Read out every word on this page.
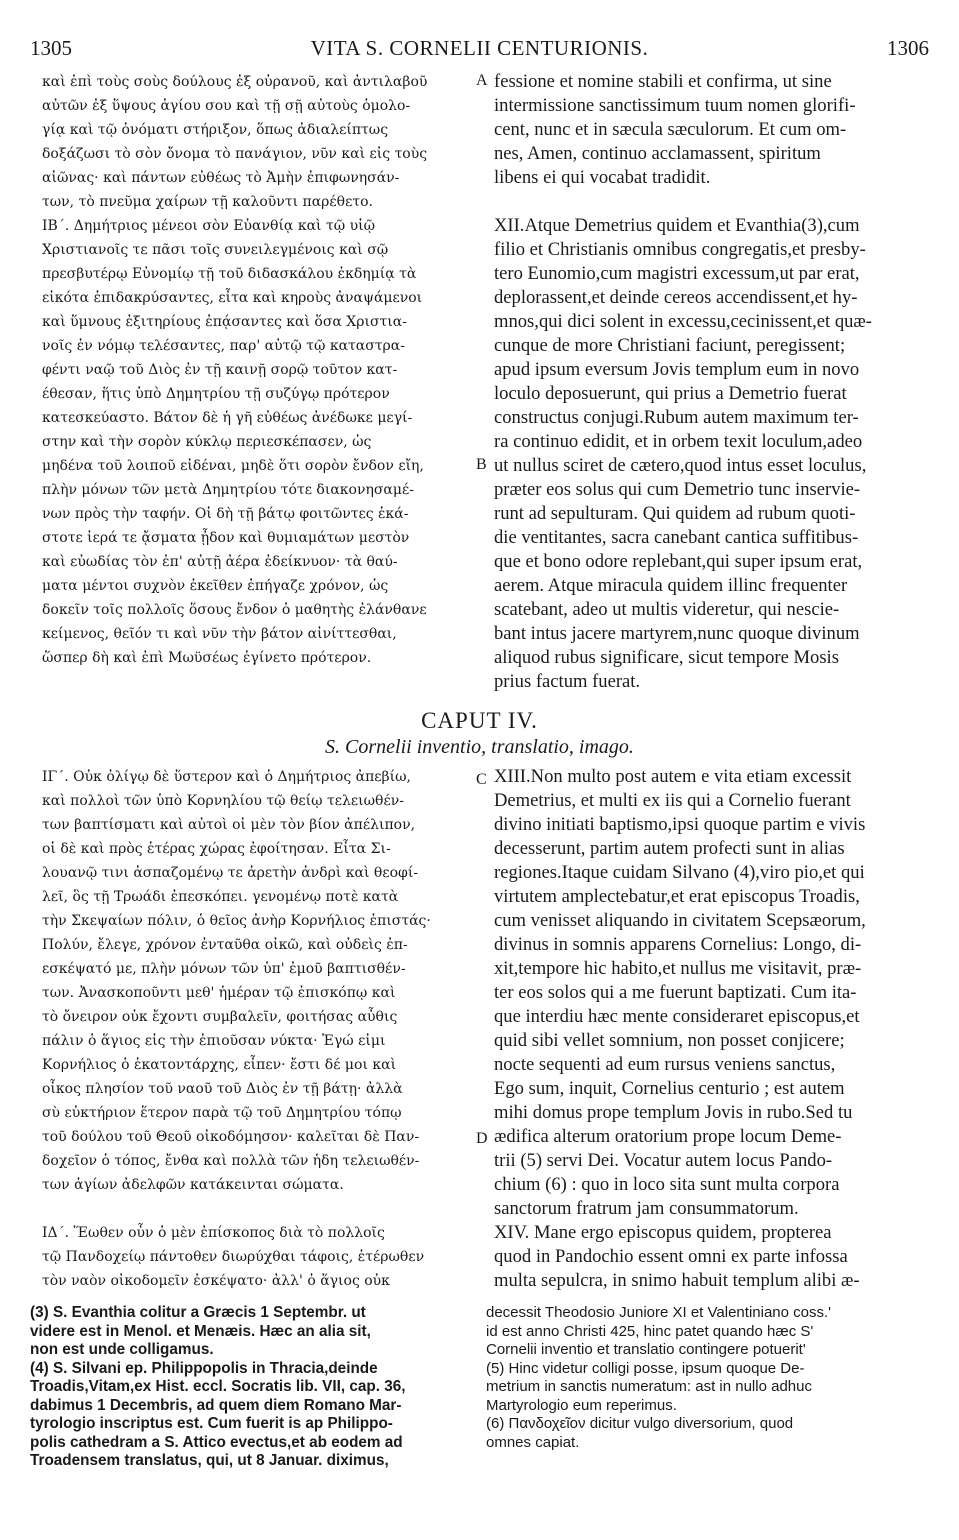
1305	VITA S. CORNELII CENTURIONIS.	1306
A
B
C
D
καὶ ἐπὶ τοὺς σοὺς δούλους ἐξ οὐρανοῦ, καὶ ἀντιλαβοῦ
αὐτῶν ἐξ ὕψους ἁγίου σου καὶ τῇ σῇ αὐτοὺς ὁμολο-
γίᾳ καὶ τῷ ὀνόματι στήριξον, ὅπως ἀδιαλείπτως
δοξάζωσι τὸ σὸν ὄνομα τὸ πανάγιον, νῦν καὶ εἰς τοὺς
αἰῶνας· καὶ πάντων εὐθέως τὸ Ἀμὴν ἐπιφωνησάν-
των, τὸ πνεῦμα χαίρων τῇ καλοῦντι παρέθετο.
ΙΒ΄. Δημήτριος μένεοι σὸν Εὐανθίᾳ καὶ τῷ υἱῷ
Χριστιανοῖς τε πᾶσι τοῖς συνειλεγμένοις καὶ σῷ
πρεσβυτέρῳ Εὐνομίῳ τῇ τοῦ διδασκάλου ἐκδημίᾳ τὰ
εἰκότα ἐπιδακρύσαντες, εἶτα καὶ κηροὺς ἀναψάμενοι
καὶ ὕμνους ἐξιτηρίους ἐπᾴσαντες καὶ ὅσα Χριστια-
νοῖς ἐν νόμῳ τελέσαντες, παρ' αὐτῷ τῷ καταστρα-
φέντι ναῷ τοῦ Διὸς ἐν τῇ καινῇ σορῷ τοῦτον κατ-
έθεσαν, ἥτις ὑπὸ Δημητρίου τῇ συζύγῳ πρότερον
κατεσκεύαστο. Βάτον δὲ ἡ γῆ εὐθέως ἀνέδωκε μεγί-
στην καὶ τὴν σορὸν κύκλῳ περιεσκέπασεν, ὡς
μηδένα τοῦ λοιποῦ εἰδέναι, μηδὲ ὅτι σορὸν ἔνδον εἴη,
πλὴν μόνων τῶν μετὰ Δημητρίου τότε διακονησαμέ-
νων πρὸς τὴν ταφήν. Οἱ δὴ τῇ βάτῳ φοιτῶντες ἑκά-
στοτε ἱερά τε ᾄσματα ᾖδον καὶ θυμιαμάτων μεστὸν
καὶ εὐωδίας τὸν ἐπ' αὐτῇ ἀέρα ἐδείκνυον· τὰ θαύ-
ματα μέντοι συχνὸν ἐκεῖθεν ἐπήγαζε χρόνον, ὡς
δοκεῖν τοῖς πολλοῖς ὅσους ἔνδον ὁ μαθητὴς ἐλάνθανε
κείμενος, θεῖόν τι καὶ νῦν τὴν βάτον αἰνίττεσθαι,
ὥσπερ δὴ καὶ ἐπὶ Μωϋσέως ἐγίνετο πρότερον.
fessione et nomine stabili et confirma, ut sine
intermissione sanctissimum tuum nomen glorifi-
cent, nunc et in sæcula sæculorum. Et cum om-
nes, Amen, continuo acclamassent, spiritum
libens ei qui vocabat tradidit.

XII.Atque Demetrius quidem et Evanthia(3),cum
filio et Christianis omnibus congregatis,et presby-
tero Eunomio,cum magistri excessum,ut par erat,
deplorassent,et deinde cereos accendissent,et hy-
mnos,qui dici solent in excessu,cecinissent,et quæ-
cunque de more Christiani faciunt, peregissent;
apud ipsum eversum Jovis templum eum in novo
loculo deposuerunt, qui prius a Demetrio fuerat
constructus conjugi.Rubum autem maximum ter-
ra continuo edidit, et in orbem texit loculum,adeo
ut nullus sciret de cætero,quod intus esset loculus,
præter eos solus qui cum Demetrio tunc inservie-
runt ad sepulturam. Qui quidem ad rubum quoti-
die ventitantes, sacra canebant cantica suffitibus-
que et bono odore replebant,qui super ipsum erat,
aerem. Atque miracula quidem illinc frequenter
scatebant, adeo ut multis videretur, qui nescie-
bant intus jacere martyrem,nunc quoque divinum
aliquod rubus significare, sicut tempore Mosis
prius factum fuerat.
CAPUT IV.
S. Cornelii inventio, translatio, imago.
ΙΓ΄. Οὐκ ὀλίγῳ δὲ ὕστερον καὶ ὁ Δημήτριος ἀπεβίω,
καὶ πολλοὶ τῶν ὑπὸ Κορνηλίου τῷ θείῳ τελειωθέν-
των βαπτίσματι καὶ αὐτοὶ οἱ μὲν τὸν βίον ἀπέλιπον,
οἱ δὲ καὶ πρὸς ἑτέρας χώρας ἐφοίτησαν. Εἶτα Σι-
λουανῷ τινι ἀσπαζομένῳ τε ἀρετὴν ἀνδρὶ καὶ θεοφί-
λεῖ, ὃς τῇ Τρωάδι ἐπεσκόπει. γενομένῳ ποτὲ κατὰ
τὴν Σκεψαίων πόλιν, ὁ θεῖος ἀνὴρ Κορνήλιος ἐπιστάς·
Πολύν, ἔλεγε, χρόνον ἐνταῦθα οἰκῶ, καὶ οὐδεὶς ἐπ-
εσκέψατό με, πλὴν μόνων τῶν ὑπ' ἐμοῦ βαπτισθέν-
των. Ἀνασκοποῦντι μεθ' ἡμέραν τῷ ἐπισκόπῳ καὶ
τὸ ὄνειρον οὐκ ἔχοντι συμβαλεῖν, φοιτήσας αὖθις
πάλιν ὁ ἅγιος εἰς τὴν ἐπιοῦσαν νύκτα· Ἐγώ εἰμι
Κορνήλιος ὁ ἑκατοντάρχης, εἶπεν· ἔστι δέ μοι καὶ
οἶκος πλησίον τοῦ ναοῦ τοῦ Διὸς ἐν τῇ βάτῃ· ἀλλὰ
σὺ εὐκτήριον ἕτερον παρὰ τῷ τοῦ Δημητρίου τόπῳ
τοῦ δούλου τοῦ Θεοῦ οἰκοδόμησον· καλεῖται δὲ Παν-
δοχεῖον ὁ τόπος, ἔνθα καὶ πολλὰ τῶν ἡδη τελειωθέν-
των ἁγίων ἀδελφῶν κατάκεινται σώματα.

ΙΔ΄. Ἕωθεν οὖν ὁ μὲν ἐπίσκοπος διὰ τὸ πολλοῖς
τῷ Πανδοχείῳ πάντοθεν διωρύχθαι τάφοις, ἑτέρωθεν
τὸν ναὸν οἰκοδομεῖν ἐσκέψατο· ἀλλ' ὁ ἅγιος οὐκ
XIII.Non multo post autem e vita etiam excessit
Demetrius, et multi ex iis qui a Cornelio fuerant
divino initiati baptismo,ipsi quoque partim e vivis
decesserunt, partim autem profecti sunt in alias
regiones.Itaque cuidam Silvano (4),viro pio,et qui
virtutem amplectebatur,et erat episcopus Troadis,
cum venisset aliquando in civitatem Scepsæorum,
divinus in somnis apparens Cornelius: Longo, di-
xit,tempore hic habito,et nullus me visitavit, præ-
ter eos solos qui a me fuerunt baptizati. Cum ita-
que interdiu hæc mente consideraret episcopus,et
quid sibi vellet somnium, non posset conjicere;
nocte sequenti ad eum rursus veniens sanctus,
Ego sum, inquit, Cornelius centurio ; est autem
mihi domus prope templum Jovis in rubo.Sed tu
ædifica alterum oratorium prope locum Deme-
trii (5) servi Dei. Vocatur autem locus Pando-
chium (6) : quo in loco sita sunt multa corpora
sanctorum fratrum jam consummatorum.
XIV. Mane ergo episcopus quidem, propterea
quod in Pandochio essent omni ex parte infossa
multa sepulcra, in snimo habuit templum alibi æ-
(3) S. Evanthia colitur a Græcis 1 Septembr. ut
videre est in Menol. et Menæis. Hæc an alia sit,
non est unde colligamus.
(4) S. Silvani ep. Philippopolis in Thracia,deinde
Troadis,Vitam,ex Hist. eccl. Socratis lib. VII, cap. 36,
dabimus 1 Decembris, ad quem diem Romano Mar-
tyrologio inscriptus est. Cum fuerit is ap Philippo-
polis cathedram a S. Attico evectus,et ab eodem ad
Troadensem translatus, qui, ut 8 Januar. diximus,
decessit Theodosio Juniore XI et Valentiniano coss.'
id est anno Christi 425, hinc patet quando hæc S'
Cornelii inventio et translatio contingere potuerit'
(5) Hinc videtur colligi posse, ipsum quoque De-
metrium in sanctis numeratum: ast in nullo adhuc
Martyrologio eum reperimus.
(6) Πανδοχεῖον dicitur vulgo diversorium, quod
omnes capiat.
